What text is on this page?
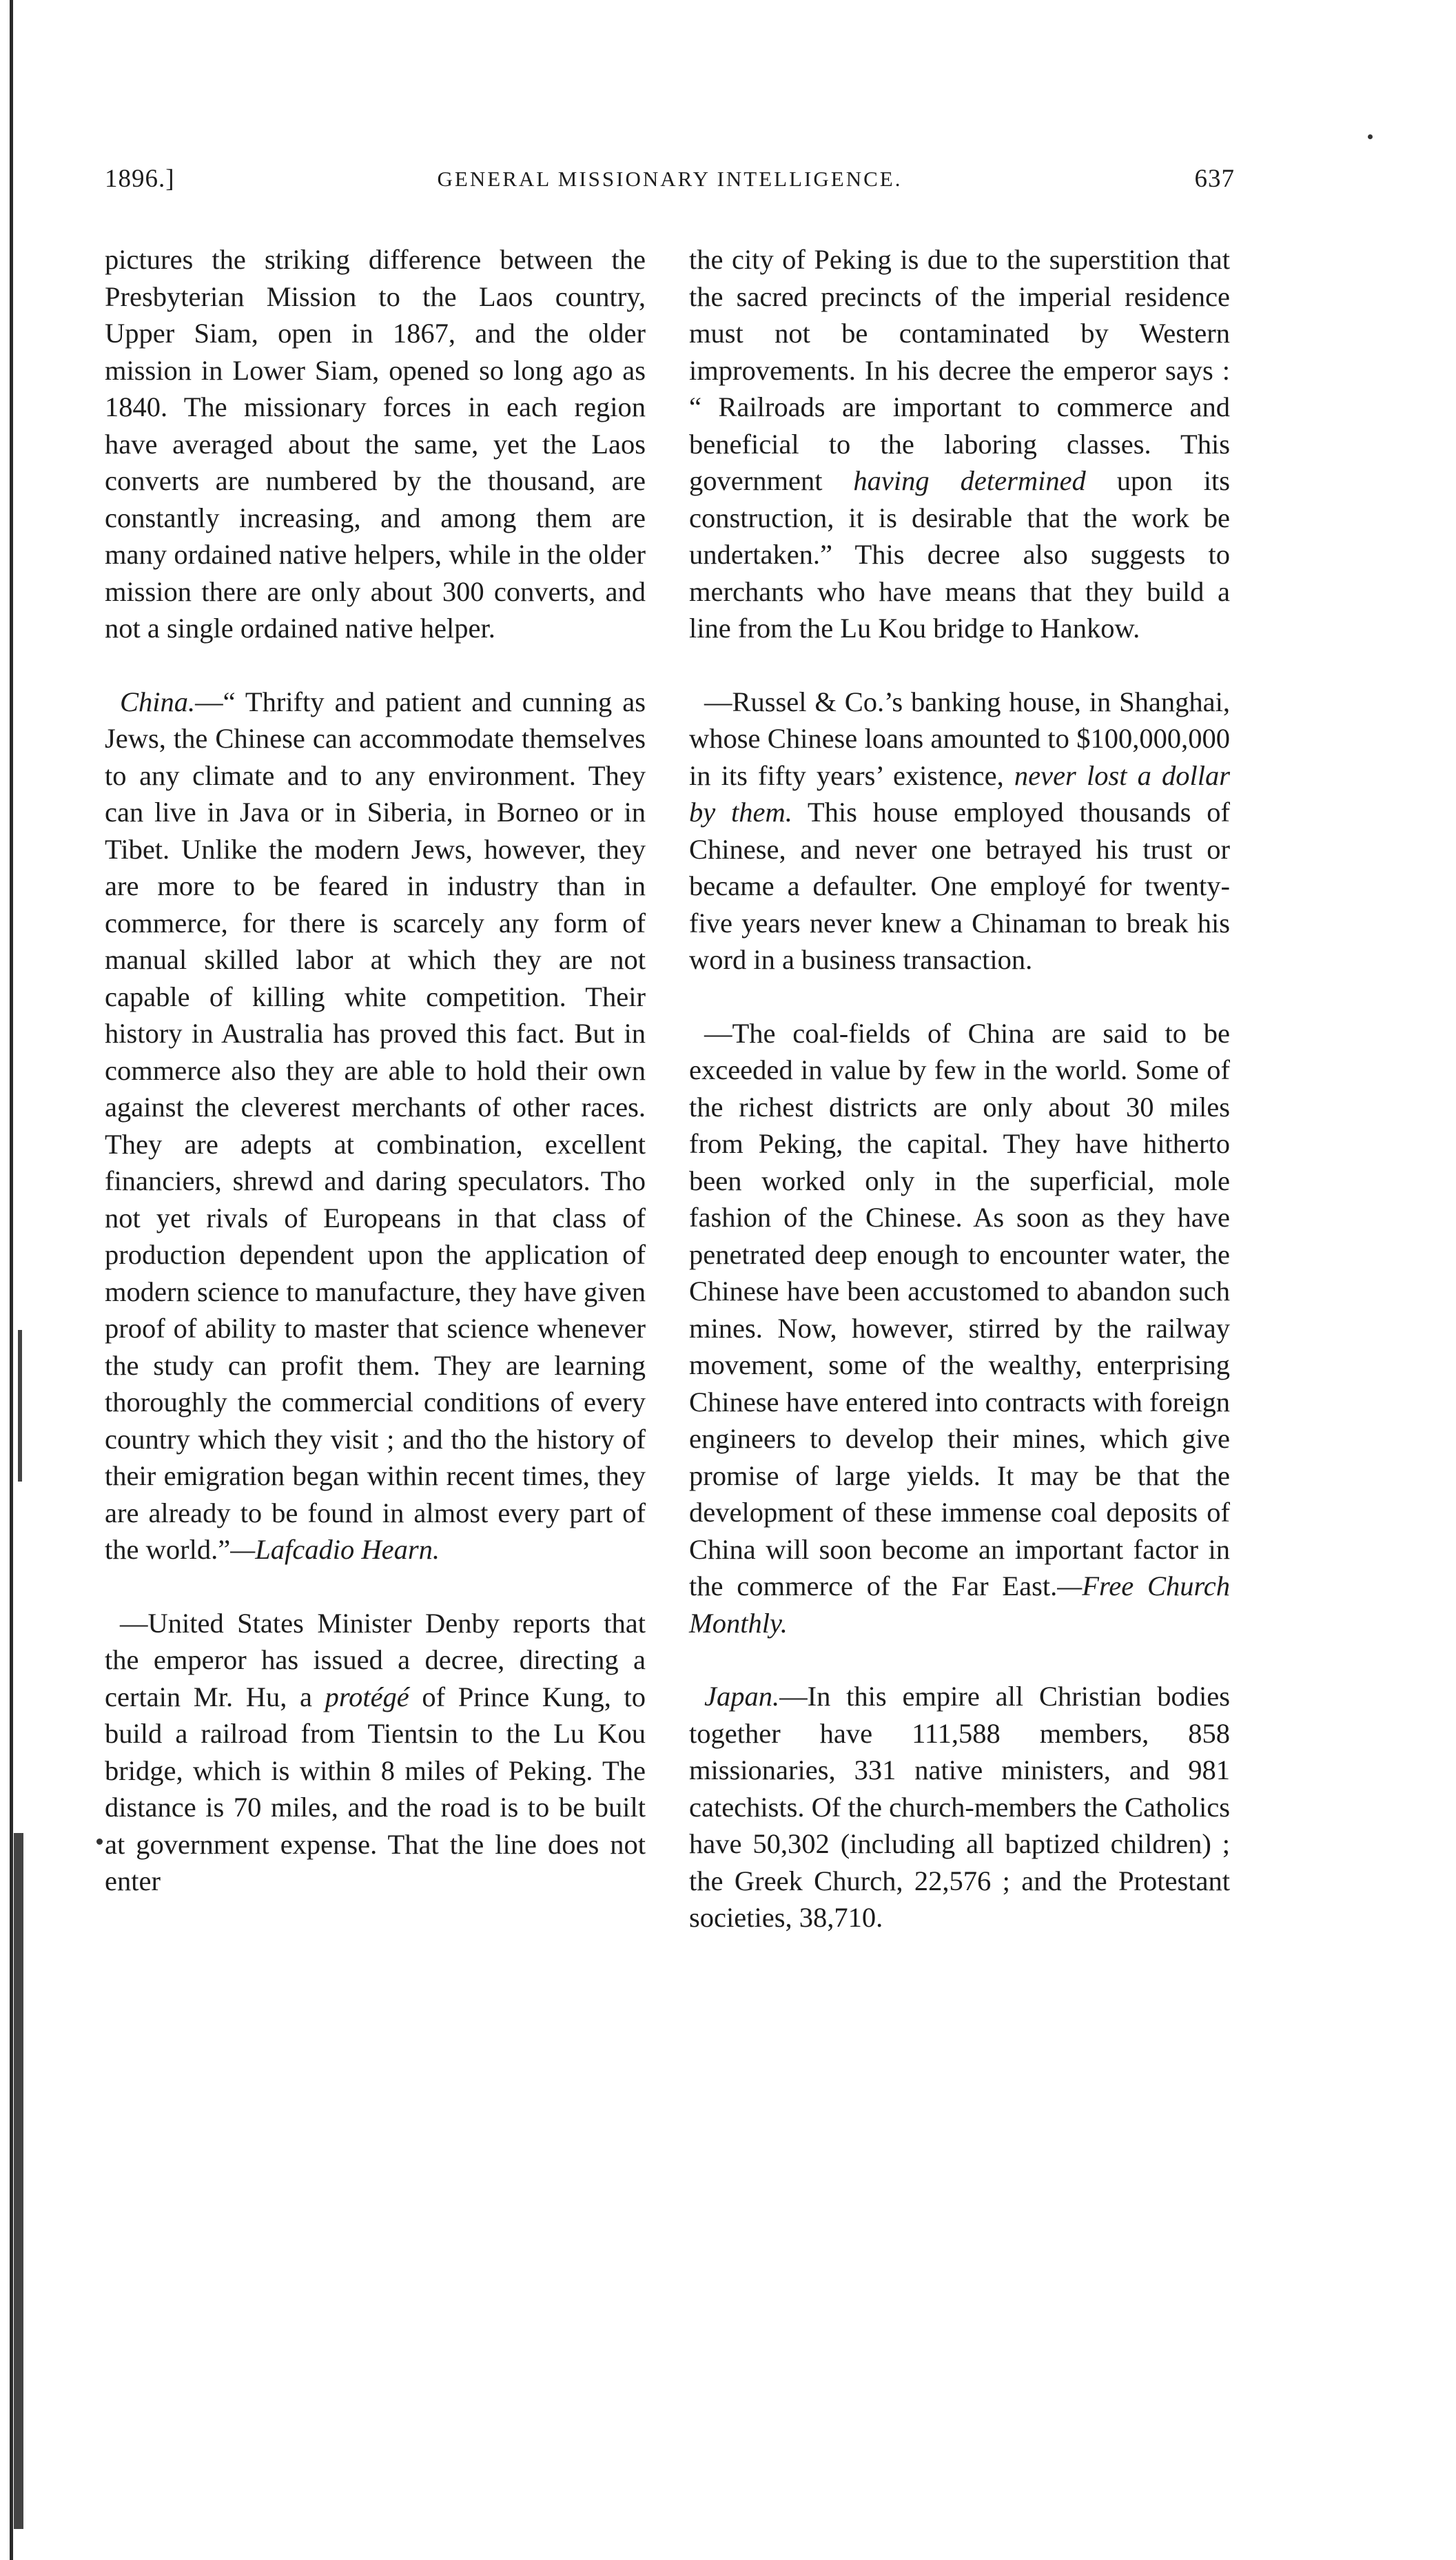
1896.]	GENERAL MISSIONARY INTELLIGENCE.	637

pictures the striking difference between the Presbyterian Mission to the Laos country, Upper Siam, open in 1867, and the older mission in Lower Siam, opened so long ago as 1840. The missionary forces in each region have averaged about the same, yet the Laos converts are numbered by the thousand, are constantly increasing, and among them are many ordained native helpers, while in the older mission there are only about 300 converts, and not a single ordained native helper.

China.—“ Thrifty and patient and cunning as Jews, the Chinese can accommodate themselves to any climate and to any environment. They can live in Java or in Siberia, in Borneo or in Tibet. Unlike the modern Jews, however, they are more to be feared in industry than in commerce, for there is scarcely any form of manual skilled labor at which they are not capable of killing white competition. Their history in Australia has proved this fact. But in commerce also they are able to hold their own against the cleverest merchants of other races. They are adepts at combination, excellent financiers, shrewd and daring speculators. Tho not yet rivals of Europeans in that class of production dependent upon the application of modern science to manufacture, they have given proof of ability to master that science whenever the study can profit them. They are learning thoroughly the commercial conditions of every country which they visit ; and tho the history of their emigration began within recent times, they are already to be found in almost every part of the world.”—Lafcadio Hearn.

—United States Minister Denby reports that the emperor has issued a decree, directing a certain Mr. Hu, a protégé of Prince Kung, to build a railroad from Tientsin to the Lu Kou bridge, which is within 8 miles of Peking. The distance is 70 miles, and the road is to be built at government expense. That the line does not enter

the city of Peking is due to the superstition that the sacred precincts of the imperial residence must not be contaminated by Western improvements. In his decree the emperor says : “ Railroads are important to commerce and beneficial to the laboring classes. This government having determined upon its construction, it is desirable that the work be undertaken.” This decree also suggests to merchants who have means that they build a line from the Lu Kou bridge to Hankow.

—Russel & Co.’s banking house, in Shanghai, whose Chinese loans amounted to $100,000,000 in its fifty years’ existence, never lost a dollar by them. This house employed thousands of Chinese, and never one betrayed his trust or became a defaulter. One employé for twenty-five years never knew a Chinaman to break his word in a business transaction.

—The coal-fields of China are said to be exceeded in value by few in the world. Some of the richest districts are only about 30 miles from Peking, the capital. They have hitherto been worked only in the superficial, mole fashion of the Chinese. As soon as they have penetrated deep enough to encounter water, the Chinese have been accustomed to abandon such mines. Now, however, stirred by the railway movement, some of the wealthy, enterprising Chinese have entered into contracts with foreign engineers to develop their mines, which give promise of large yields. It may be that the development of these immense coal deposits of China will soon become an important factor in the commerce of the Far East.—Free Church Monthly.

Japan.—In this empire all Christian bodies together have 111,588 members, 858 missionaries, 331 native ministers, and 981 catechists. Of the church-members the Catholics have 50,302 (including all baptized children) ; the Greek Church, 22,576 ; and the Protestant societies, 38,710.
